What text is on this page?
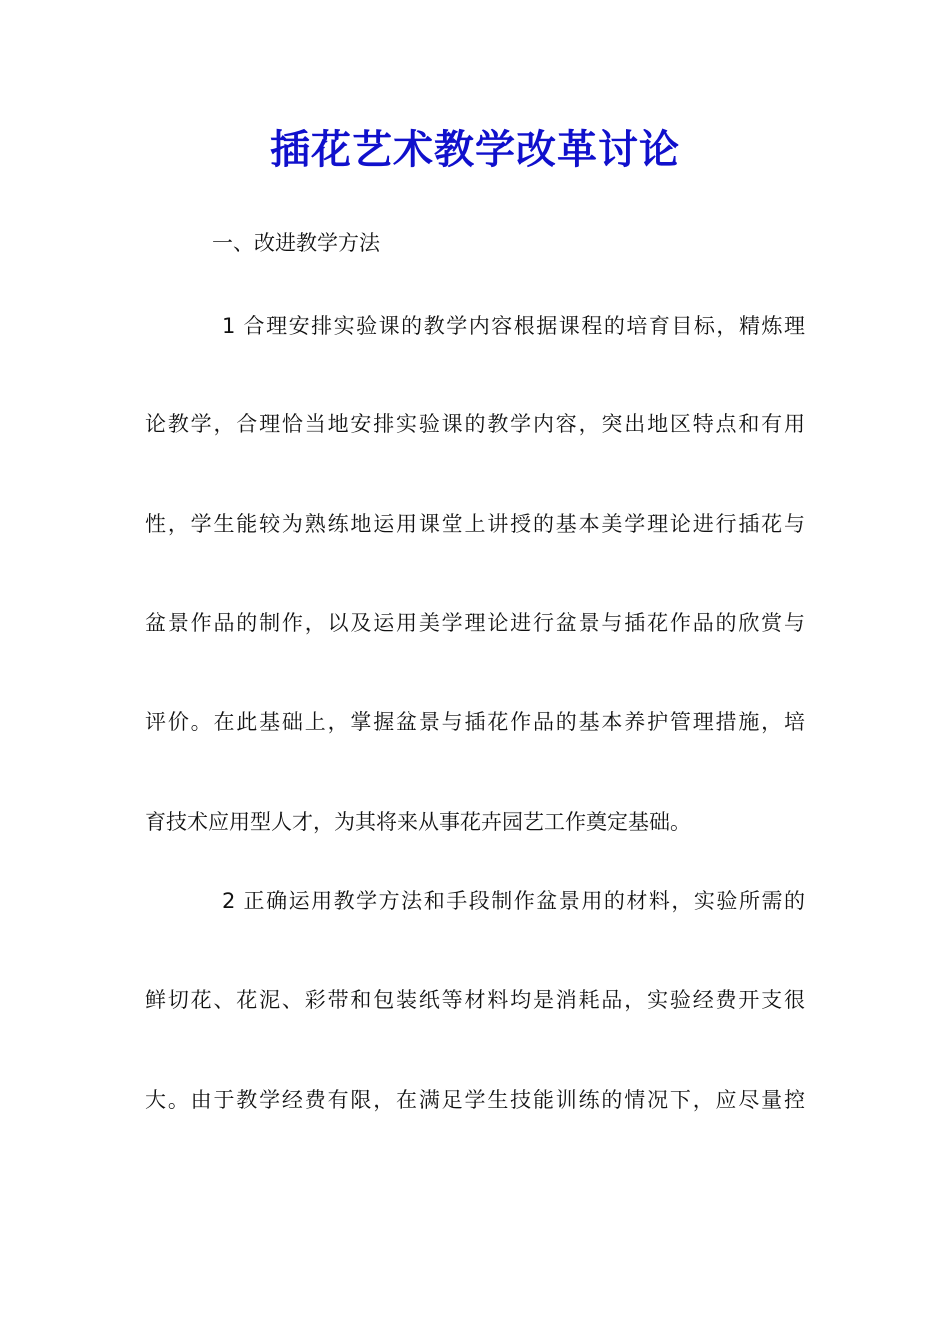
插花艺术教学改革讨论

一、改进教学方法

1 合理安排实验课的教学内容根据课程的培育目标，精炼理

论教学，合理恰当地安排实验课的教学内容，突出地区特点和有用

性，学生能较为熟练地运用课堂上讲授的基本美学理论进行插花与

盆景作品的制作，以及运用美学理论进行盆景与插花作品的欣赏与

评价。在此基础上，掌握盆景与插花作品的基本养护管理措施，培

育技术应用型人才，为其将来从事花卉园艺工作奠定基础。

2 正确运用教学方法和手段制作盆景用的材料，实验所需的

鲜切花、花泥、彩带和包装纸等材料均是消耗品，实验经费开支很

大。由于教学经费有限，在满足学生技能训练的情况下，应尽量控
